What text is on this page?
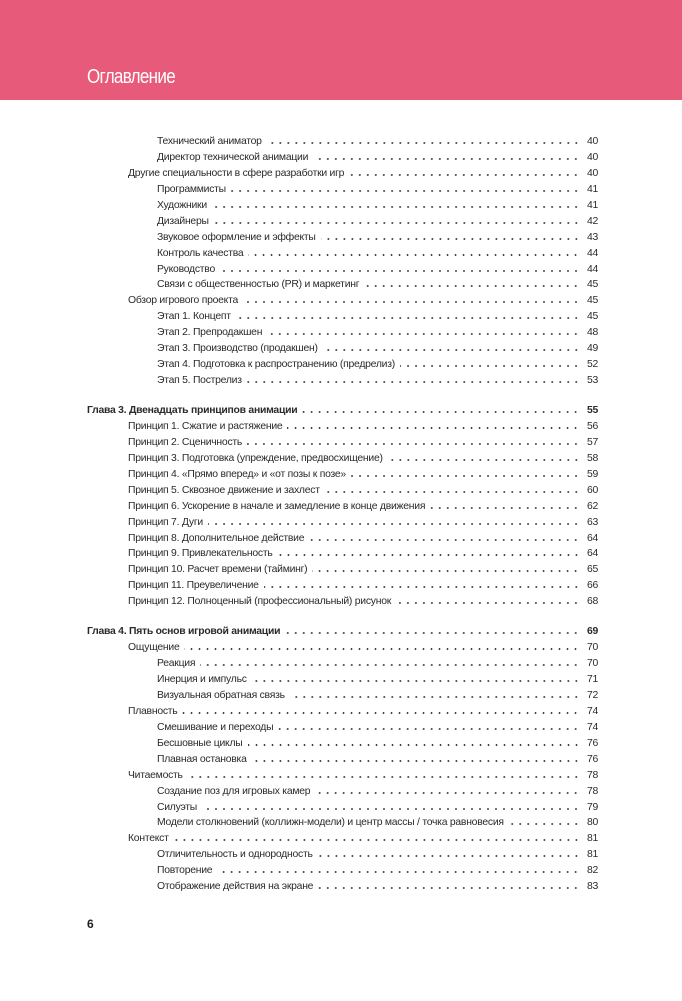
Оглавление
Технический аниматор	40
Директор технической анимации	40
Другие специальности в сфере разработки игр	40
Программисты	41
Художники	41
Дизайнеры	42
Звуковое оформление и эффекты	43
Контроль качества	44
Руководство	44
Связи с общественностью (PR) и маркетинг	45
Обзор игрового проекта	45
Этап 1. Концепт	45
Этап 2. Препродакшен	48
Этап 3. Производство (продакшен)	49
Этап 4. Подготовка к распространению (предрелиз)	52
Этап 5. Пострелиз	53
Глава 3. Двенадцать принципов анимации	55
Принцип 1. Сжатие и растяжение	56
Принцип 2. Сценичность	57
Принцип 3. Подготовка (упреждение, предвосхищение)	58
Принцип 4. «Прямо вперед» и «от позы к позе»	59
Принцип 5. Сквозное движение и захлест	60
Принцип 6. Ускорение в начале и замедление в конце движения	62
Принцип 7. Дуги	63
Принцип 8. Дополнительное действие	64
Принцип 9. Привлекательность	64
Принцип 10. Расчет времени (тайминг)	65
Принцип 11. Преувеличение	66
Принцип 12. Полноценный (профессиональный) рисунок	68
Глава 4. Пять основ игровой анимации	69
Ощущение	70
Реакция	70
Инерция и импульс	71
Визуальная обратная связь	72
Плавность	74
Смешивание и переходы	74
Бесшовные циклы	76
Плавная остановка	76
Читаемость	78
Создание поз для игровых камер	78
Силуэты	79
Модели столкновений (коллижн-модели) и центр массы / точка равновесия	80
Контекст	81
Отличительность и однородность	81
Повторение	82
Отображение действия на экране	83
6
